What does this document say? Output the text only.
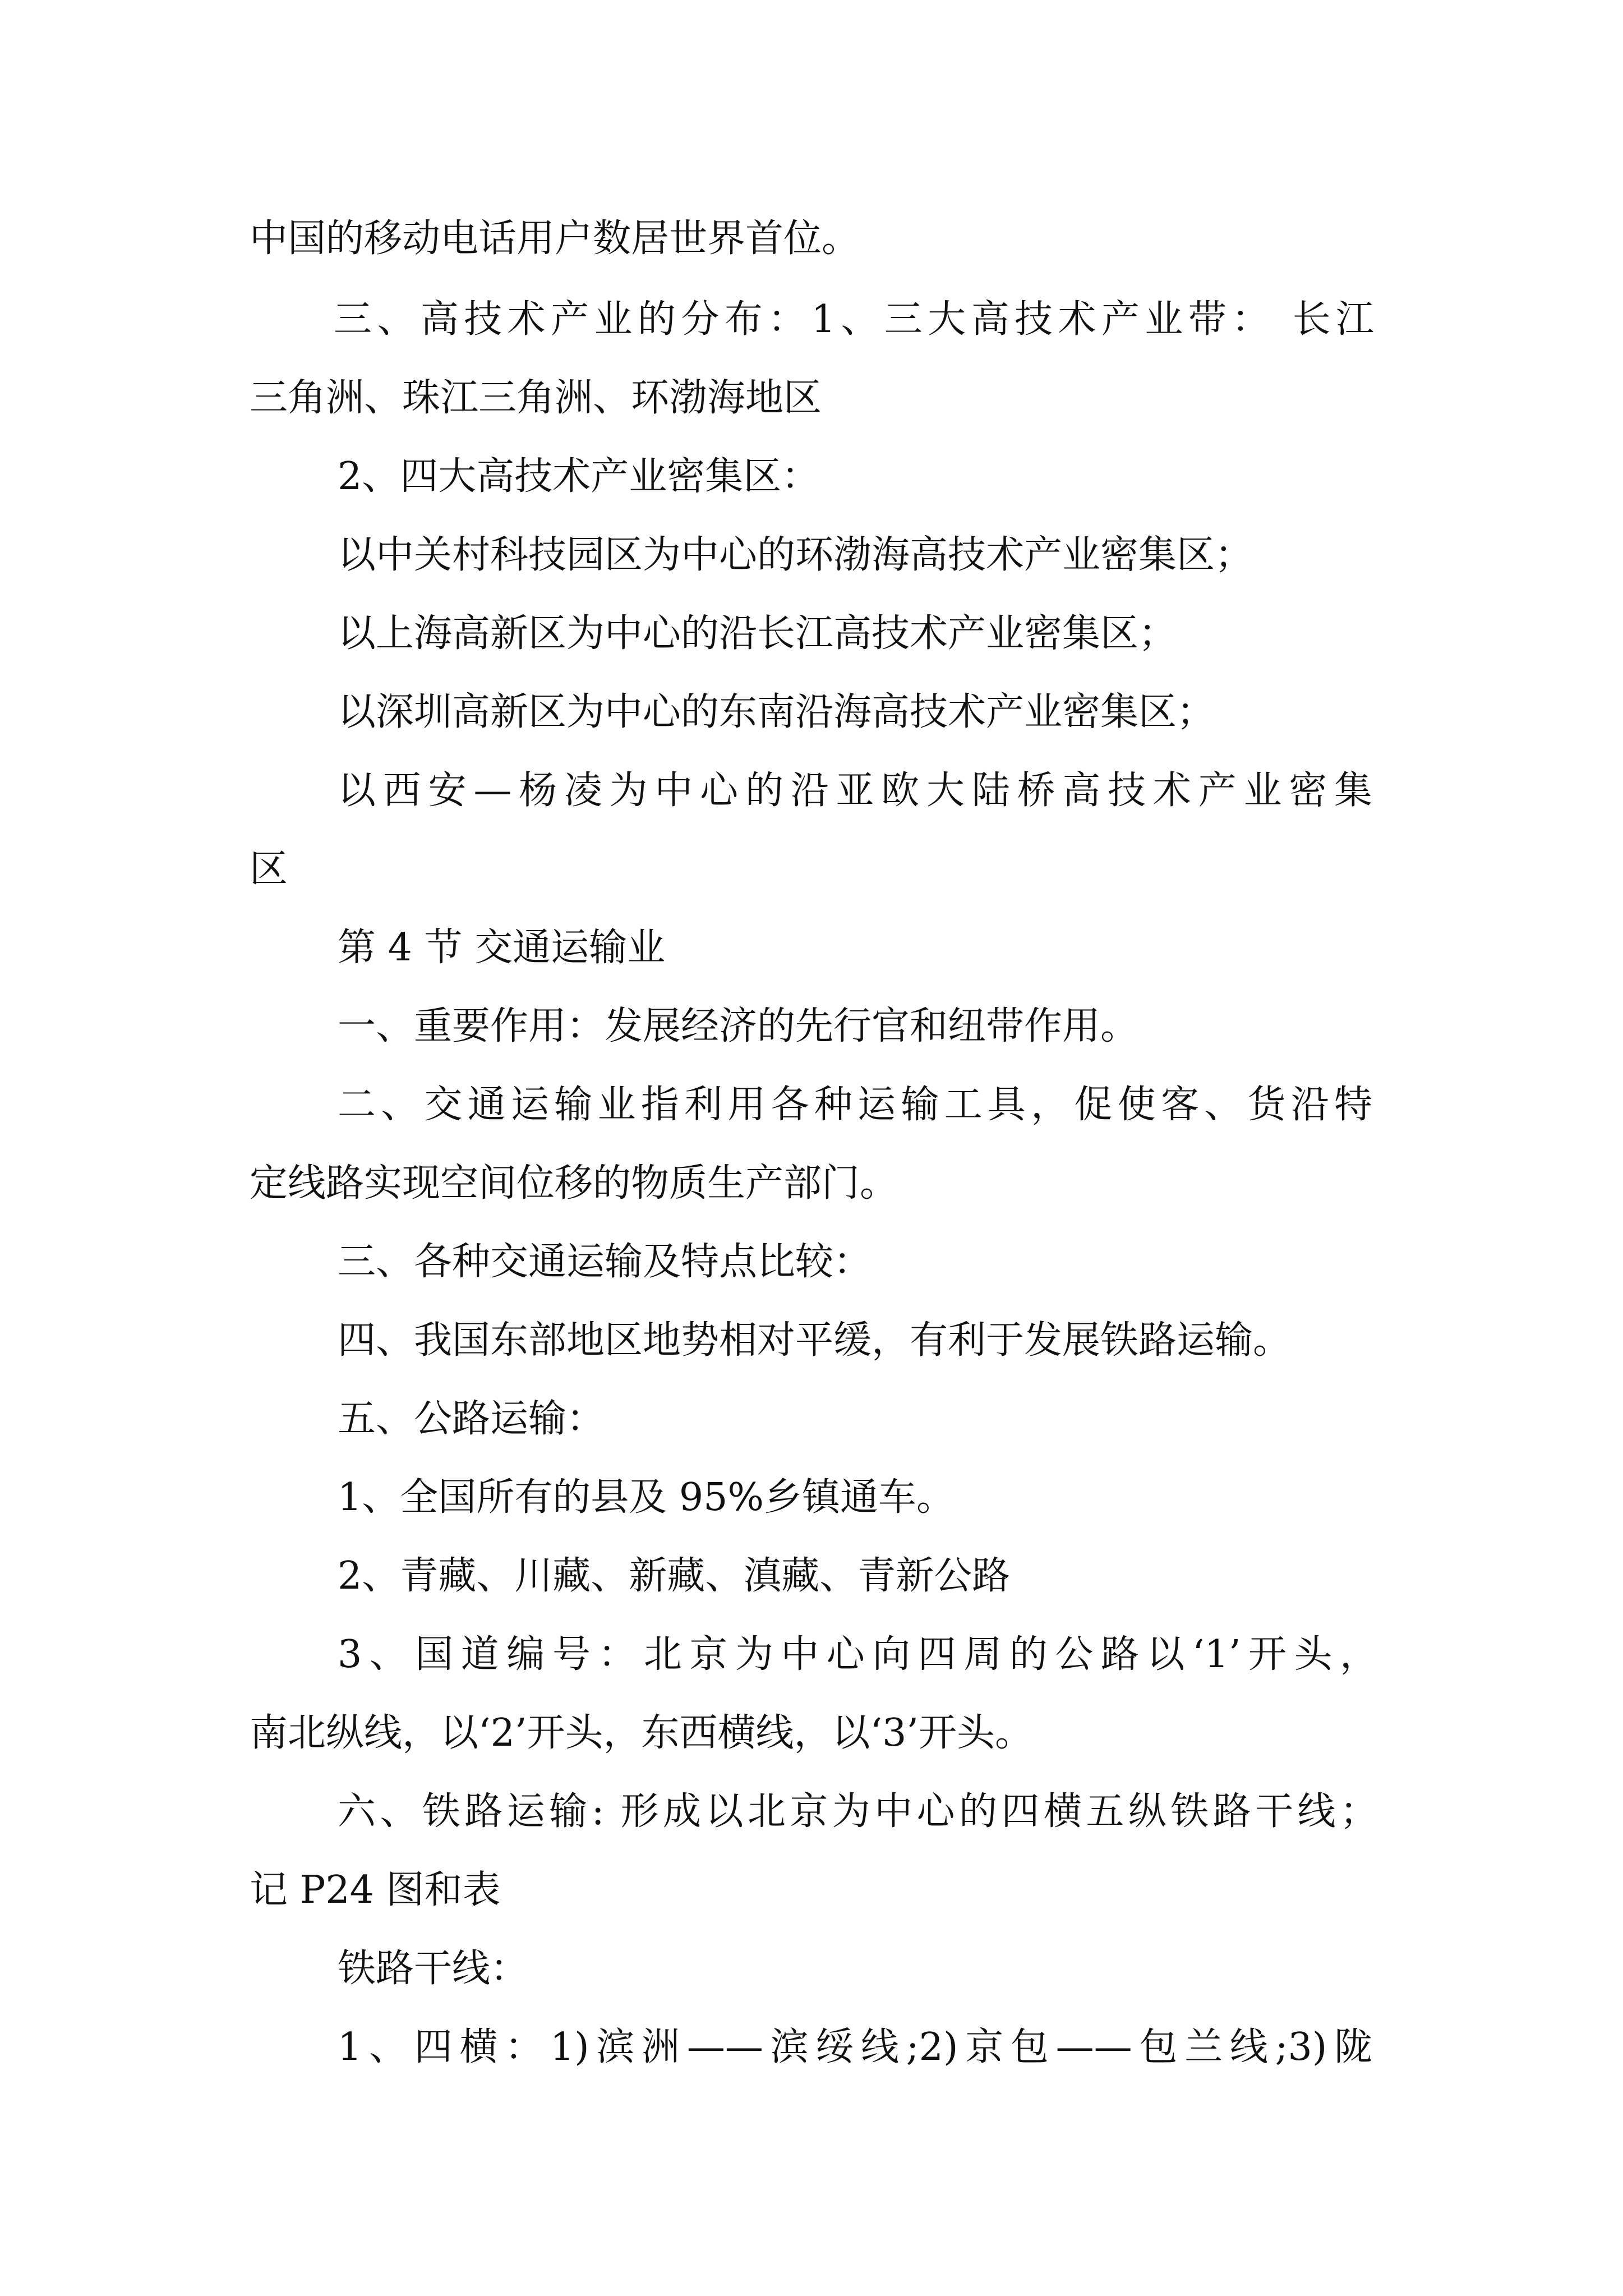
中国的移动电话用户数居世界首位。
三、高技术产业的分布：1、三大高技术产业带： 长江
三角洲、珠江三角洲、环渤海地区
2、四大高技术产业密集区：
以中关村科技园区为中心的环渤海高技术产业密集区；
以上海高新区为中心的沿长江高技术产业密集区；
以深圳高新区为中心的东南沿海高技术产业密集区；
以西安—杨凌为中心的沿亚欧大陆桥高技术产业密集
区
第 4 节 交通运输业
一、重要作用：发展经济的先行官和纽带作用。
二、交通运输业指利用各种运输工具，促使客、货沿特
定线路实现空间位移的物质生产部门。
三、各种交通运输及特点比较：
四、我国东部地区地势相对平缓，有利于发展铁路运输。
五、公路运输：
1、全国所有的县及 95%乡镇通车。
2、青藏、川藏、新藏、滇藏、青新公路
3、国道编号：北京为中心向四周的公路以‘1’开头，
南北纵线，以‘2’开头，东西横线，以‘3’开头。
六、铁路运输: 形成以北京为中心的四横五纵铁路干线；
记 P24 图和表
铁路干线：
1、四横：1)滨洲——滨绥线;2)京包——包兰线;3)陇
